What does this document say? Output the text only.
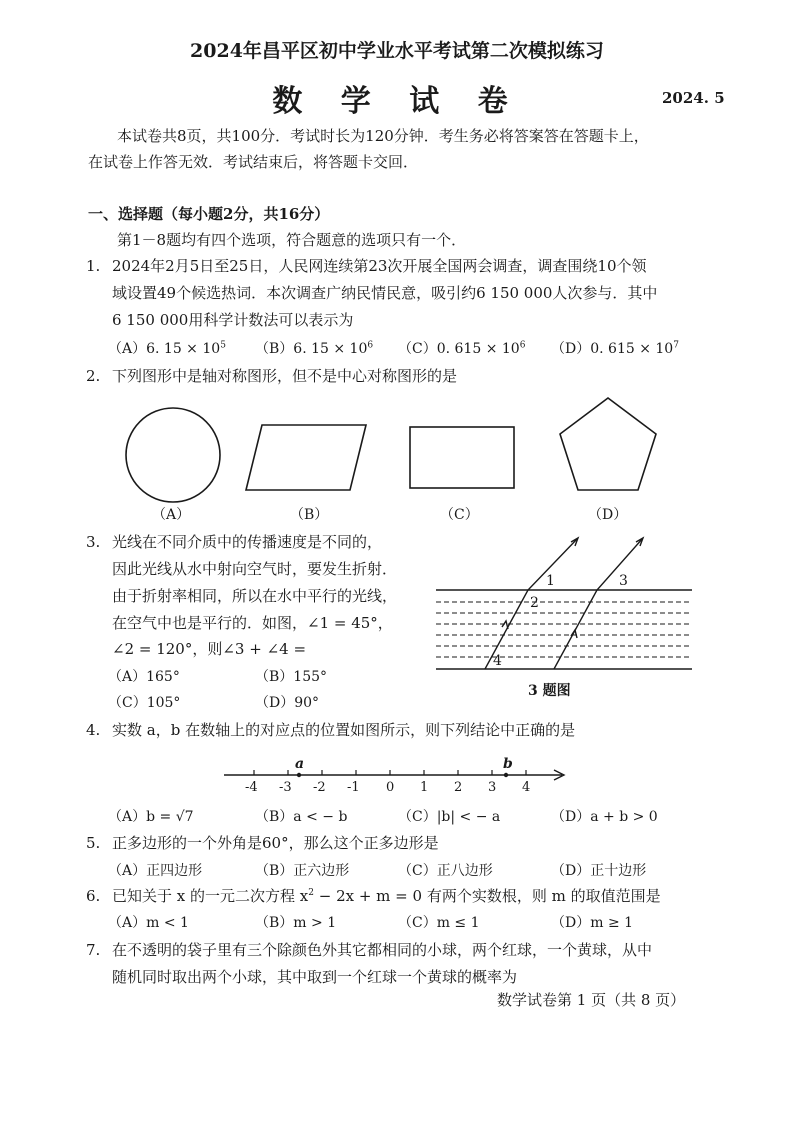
2024年昌平区初中学业水平考试第二次模拟练习
数 学 试 卷	2024. 5
本试卷共8页，共100分．考试时长为120分钟．考生务必将答案答在答题卡上，
在试卷上作答无效．考试结束后，将答题卡交回．
一、选择题（每小题2分，共16分）
第1－8题均有四个选项，符合题意的选项只有一个．
1. 2024年2月5日至25日，人民网连续第23次开展全国两会调查，调查围绕10个领
域设置49个候选热词．本次调查广纳民情民意，吸引约6 150 000人次参与．其中
6 150 000用科学计数法可以表示为
（A）6. $15 \times 10^5$ （B）6. $15 \times 10^6$ （C）0. $615 \times 10^6$ （D）0. $615 \times 10^7$
2. 下列图形中是轴对称图形，但不是中心对称图形的是
（A）	（B）	（C）	（D）
3. 光线在不同介质中的传播速度是不同的，
因此光线从水中射向空气时，要发生折射．
由于折射率相同，所以在水中平行的光线，
在空气中也是平行的．如图，∠1 = 45°，
∠2 = 120°，则∠3 + ∠4 =
（A）165°	（B）155°
（C）105°	（D）90°
1
2
3
4
3 题图
4. 实数 a，b 在数轴上的对应点的位置如图所示，则下列结论中正确的是
a	b
-4 -3 -2 -1 0 1 2 3 4
（A）b = √7	（B）a < − b	（C）|b| < − a	（D）a + b > 0
5. 正多边形的一个外角是60°，那么这个正多边形是
（A）正四边形	（B）正六边形	（C）正八边形	（D）正十边形
6. 已知关于 x 的一元二次方程 $x^2 - 2x + m = 0$ 有两个实数根，则 m 的取值范围是
（A）m < 1	（B）m > 1	（C）m ≤ 1	（D）m ≥ 1
7. 在不透明的袋子里有三个除颜色外其它都相同的小球，两个红球，一个黄球，从中
随机同时取出两个小球，其中取到一个红球一个黄球的概率为
数学试卷第 1 页（共 8 页）
